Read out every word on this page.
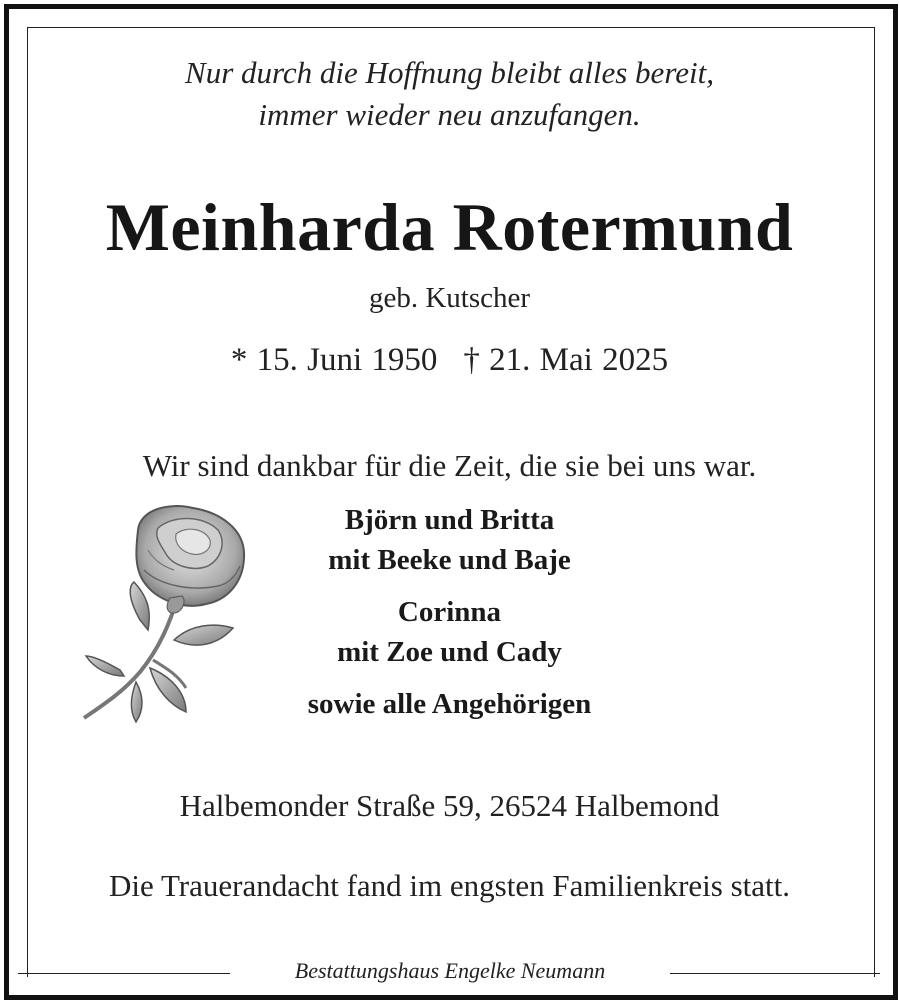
Nur durch die Hoffnung bleibt alles bereit,
immer wieder neu anzufangen.
Meinharda Rotermund
geb. Kutscher
* 15. Juni 1950 † 21. Mai 2025
Wir sind dankbar für die Zeit, die sie bei uns war.
Björn und Britta
mit Beeke und Baje
Corinna
mit Zoe und Cady
sowie alle Angehörigen
Halbemonder Straße 59, 26524 Halbemond
Die Trauerandacht fand im engsten Familienkreis statt.
Bestattungshaus Engelke Neumann
